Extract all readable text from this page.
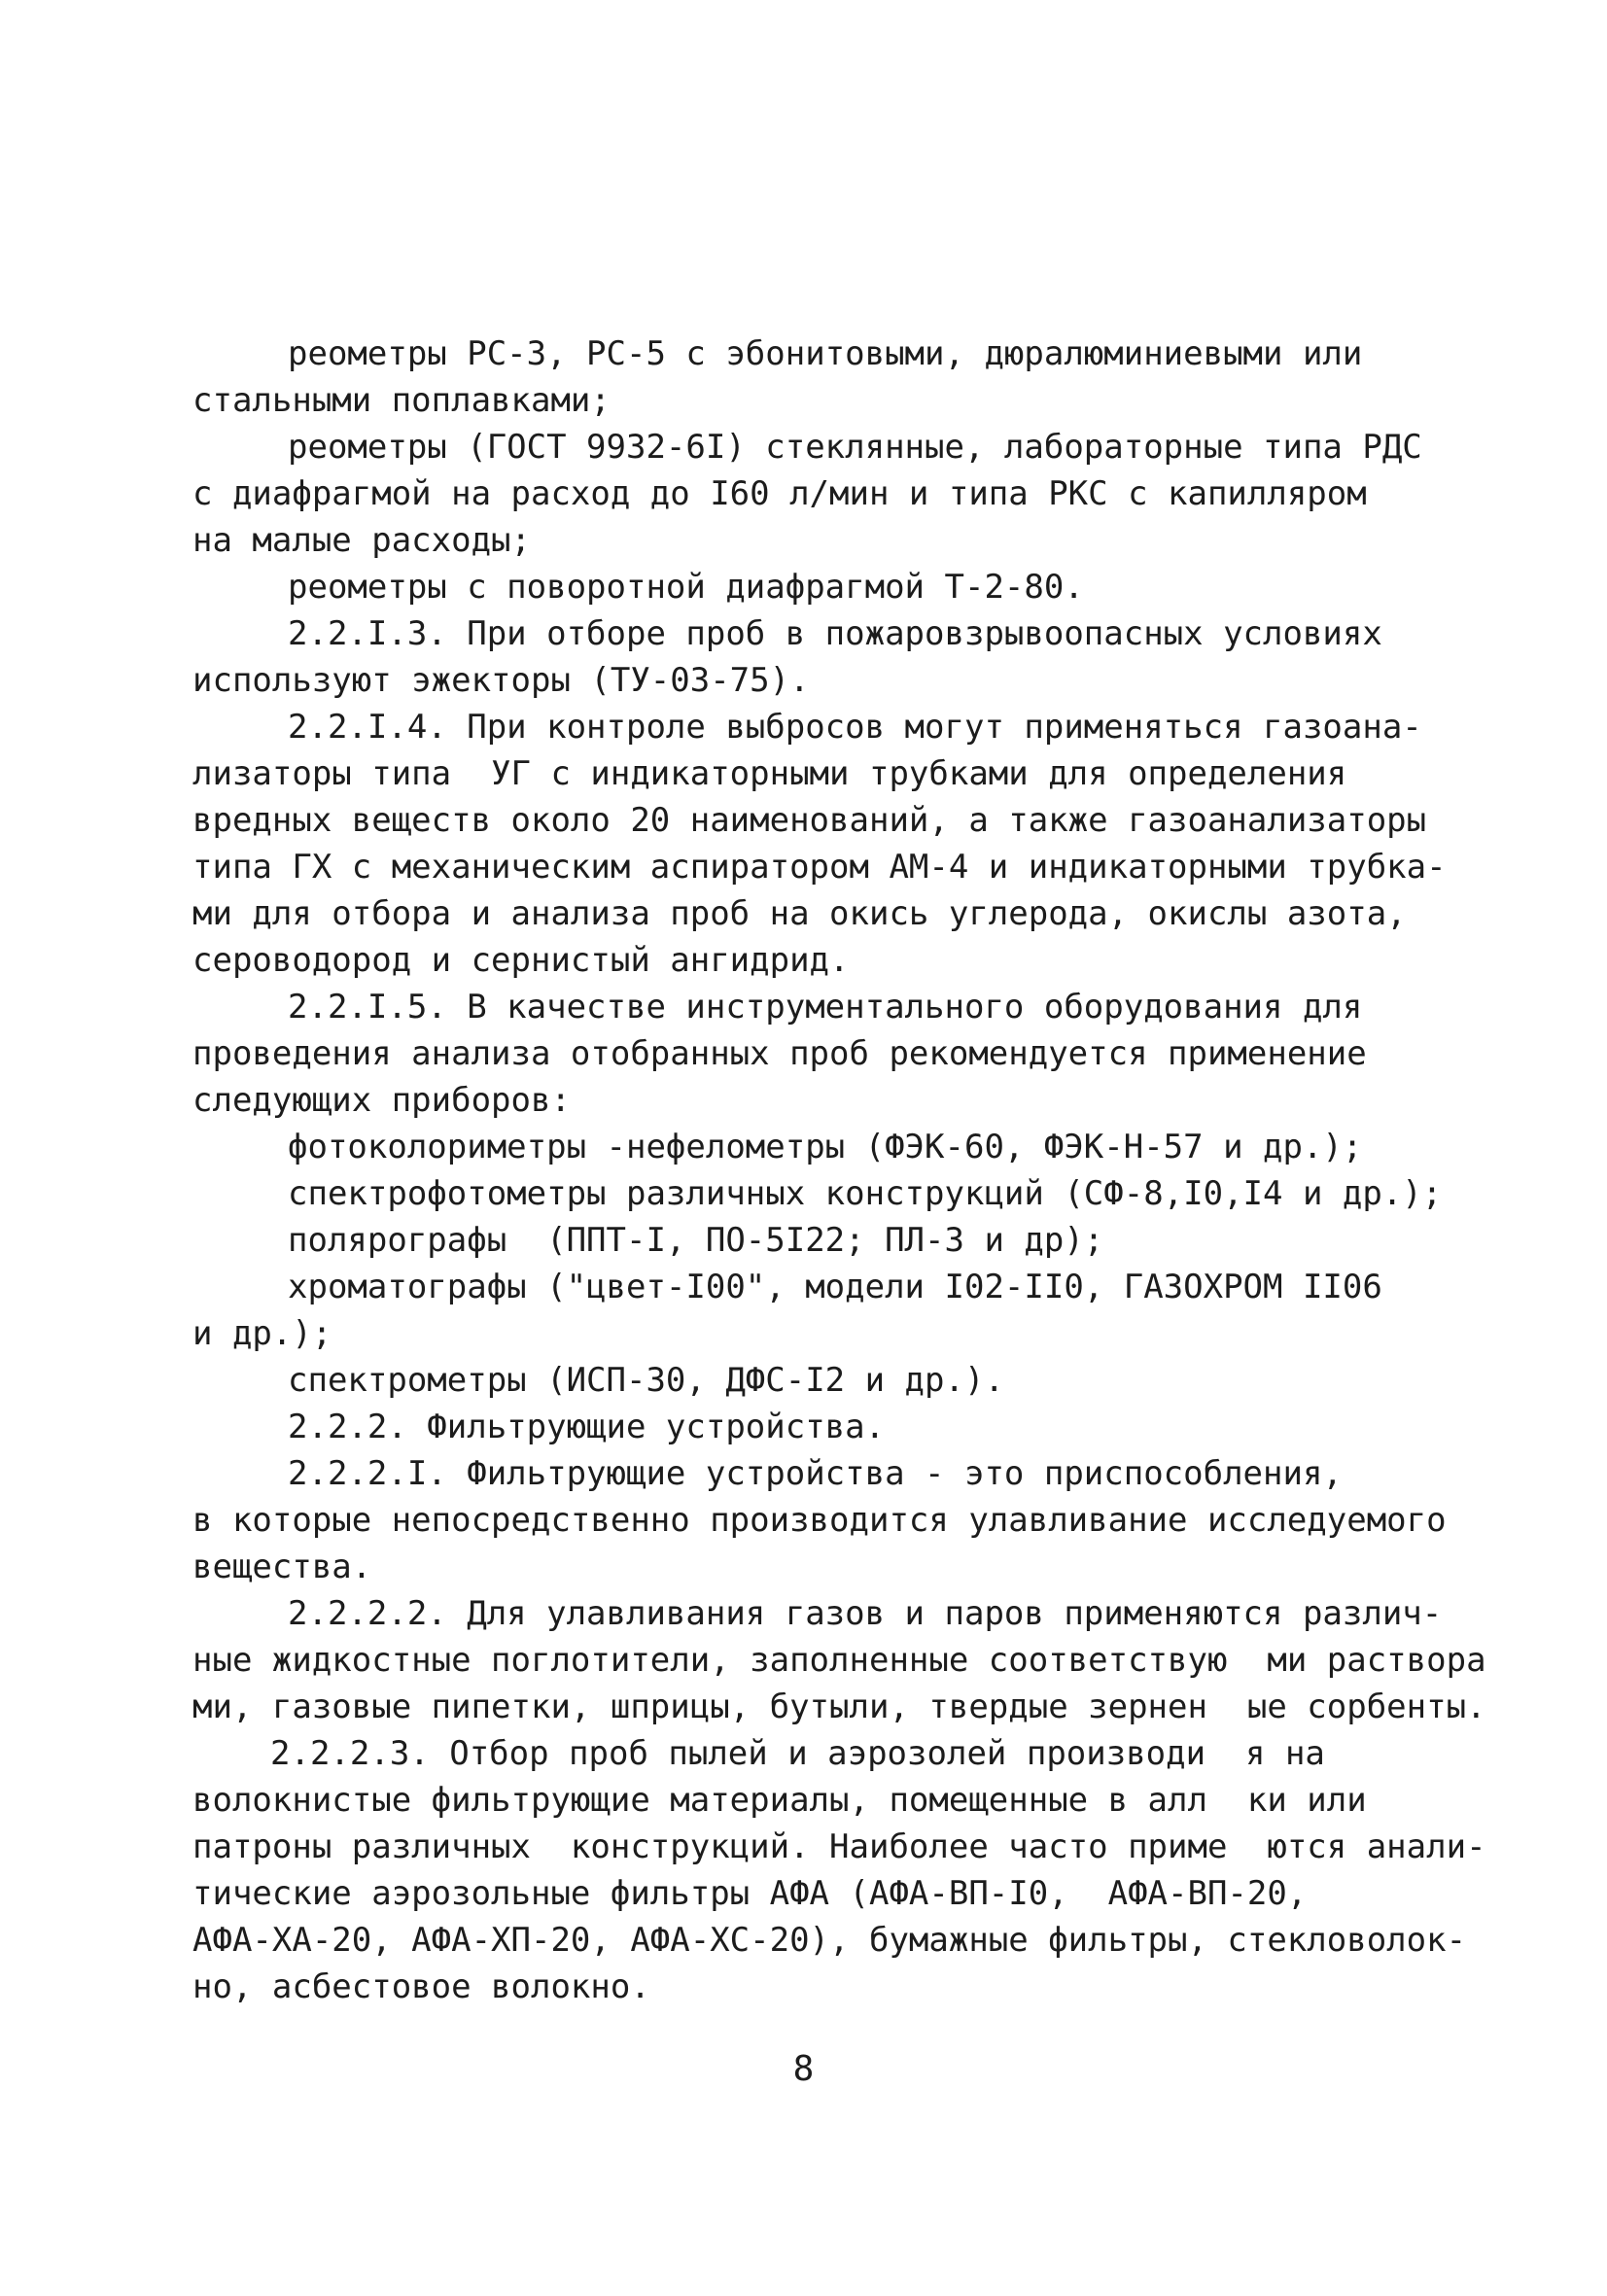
реометры РС-3, РС-5 с эбонитовыми, дюралюминиевыми или
стальными поплавками;
реометры (ГОСТ 9932-6I) стеклянные, лабораторные типа РДС
с диафрагмой на расход до I60 л/мин и типа РКС с капилляром
на малые расходы;
реометры с поворотной диафрагмой Т-2-80.
2.2.I.3. При отборе проб в пожаровзрывоопасных условиях
используют эжекторы (ТУ-03-75).
2.2.I.4. При контроле выбросов могут применяться газоана-
лизаторы типа  УГ с индикаторными трубками для определения
вредных веществ около 20 наименований, а также газоанализаторы
типа ГХ с механическим аспиратором АМ-4 и индикаторными трубка-
ми для отбора и анализа проб на окись углерода, окислы азота,
сероводород и сернистый ангидрид.
2.2.I.5. В качестве инструментального оборудования для
проведения анализа отобранных проб рекомендуется применение
следующих приборов:
фотоколориметры -нефелометры (ФЭК-60, ФЭК-Н-57 и др.);
спектрофотометры различных конструкций (СФ-8,I0,I4 и др.);
полярографы  (ППТ-I, ПО-5I22; ПЛ-3 и др);
хроматографы ("цвет-I00", модели I02-II0, ГАЗОХРОМ II06
и др.);
спектрометры (ИСП-30, ДФС-I2 и др.).
2.2.2. Фильтрующие устройства.
2.2.2.I. Фильтрующие устройства - это приспособления,
в которые непосредственно производится улавливание исследуемого
вещества.
2.2.2.2. Для улавливания газов и паров применяются различ-
ные жидкостные поглотители, заполненные соответствую  ми раствора
ми, газовые пипетки, шприцы, бутыли, твердые зернен  ые сорбенты.
2.2.2.3. Отбор проб пылей и аэрозолей производи  я на
волокнистые фильтрующие материалы, помещенные в алл  ки или
патроны различных  конструкций. Наиболее часто приме  ются анали-
тические аэрозольные фильтры АФА (АФА-ВП-I0,  АФА-ВП-20,
АФА-ХА-20, АФА-ХП-20, АФА-ХС-20), бумажные фильтры, стекловолок-
но, асбестовое волокно.
8
